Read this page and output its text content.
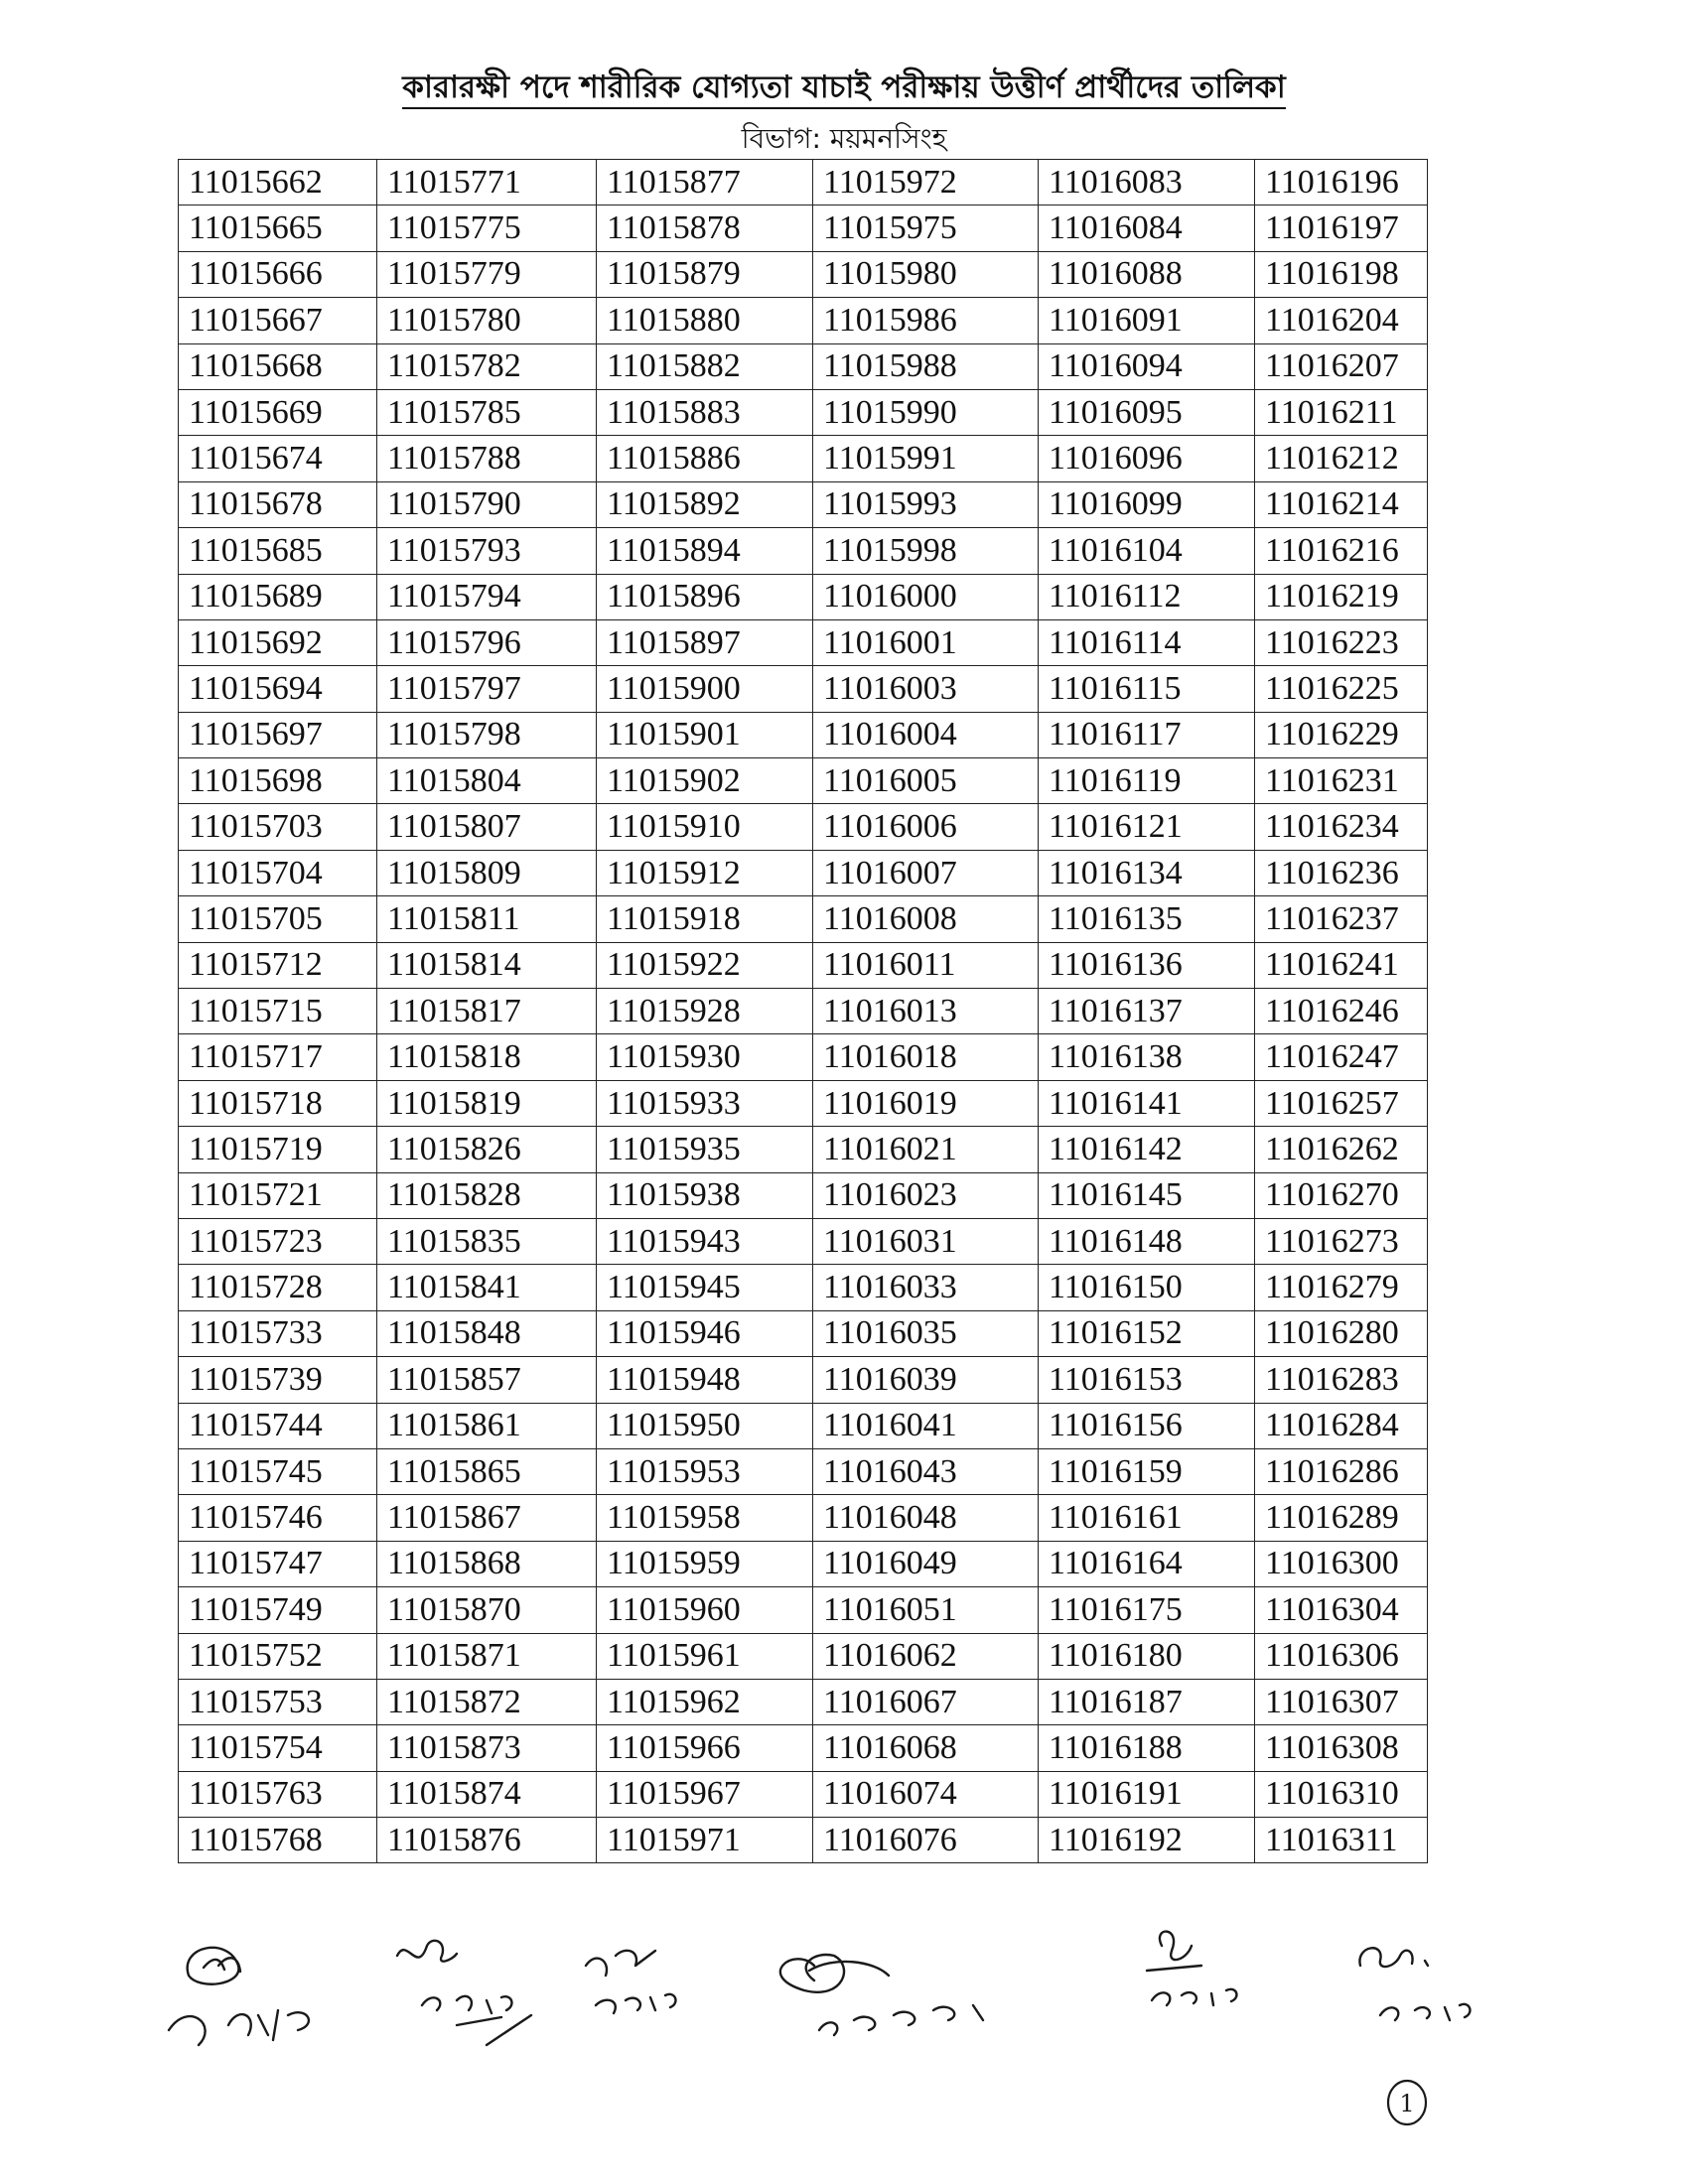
কারারক্ষী পদে শারীরিক যোগ্যতা যাচাই পরীক্ষায় উত্তীর্ণ প্রার্থীদের তালিকা
বিভাগ: ময়মনসিংহ
11015662	11015771	11015877	11015972	11016083	11016196
11015665	11015775	11015878	11015975	11016084	11016197
11015666	11015779	11015879	11015980	11016088	11016198
11015667	11015780	11015880	11015986	11016091	11016204
11015668	11015782	11015882	11015988	11016094	11016207
11015669	11015785	11015883	11015990	11016095	11016211
11015674	11015788	11015886	11015991	11016096	11016212
11015678	11015790	11015892	11015993	11016099	11016214
11015685	11015793	11015894	11015998	11016104	11016216
11015689	11015794	11015896	11016000	11016112	11016219
11015692	11015796	11015897	11016001	11016114	11016223
11015694	11015797	11015900	11016003	11016115	11016225
11015697	11015798	11015901	11016004	11016117	11016229
11015698	11015804	11015902	11016005	11016119	11016231
11015703	11015807	11015910	11016006	11016121	11016234
11015704	11015809	11015912	11016007	11016134	11016236
11015705	11015811	11015918	11016008	11016135	11016237
11015712	11015814	11015922	11016011	11016136	11016241
11015715	11015817	11015928	11016013	11016137	11016246
11015717	11015818	11015930	11016018	11016138	11016247
11015718	11015819	11015933	11016019	11016141	11016257
11015719	11015826	11015935	11016021	11016142	11016262
11015721	11015828	11015938	11016023	11016145	11016270
11015723	11015835	11015943	11016031	11016148	11016273
11015728	11015841	11015945	11016033	11016150	11016279
11015733	11015848	11015946	11016035	11016152	11016280
11015739	11015857	11015948	11016039	11016153	11016283
11015744	11015861	11015950	11016041	11016156	11016284
11015745	11015865	11015953	11016043	11016159	11016286
11015746	11015867	11015958	11016048	11016161	11016289
11015747	11015868	11015959	11016049	11016164	11016300
11015749	11015870	11015960	11016051	11016175	11016304
11015752	11015871	11015961	11016062	11016180	11016306
11015753	11015872	11015962	11016067	11016187	11016307
11015754	11015873	11015966	11016068	11016188	11016308
11015763	11015874	11015967	11016074	11016191	11016310
11015768	11015876	11015971	11016076	11016192	11016311
1
